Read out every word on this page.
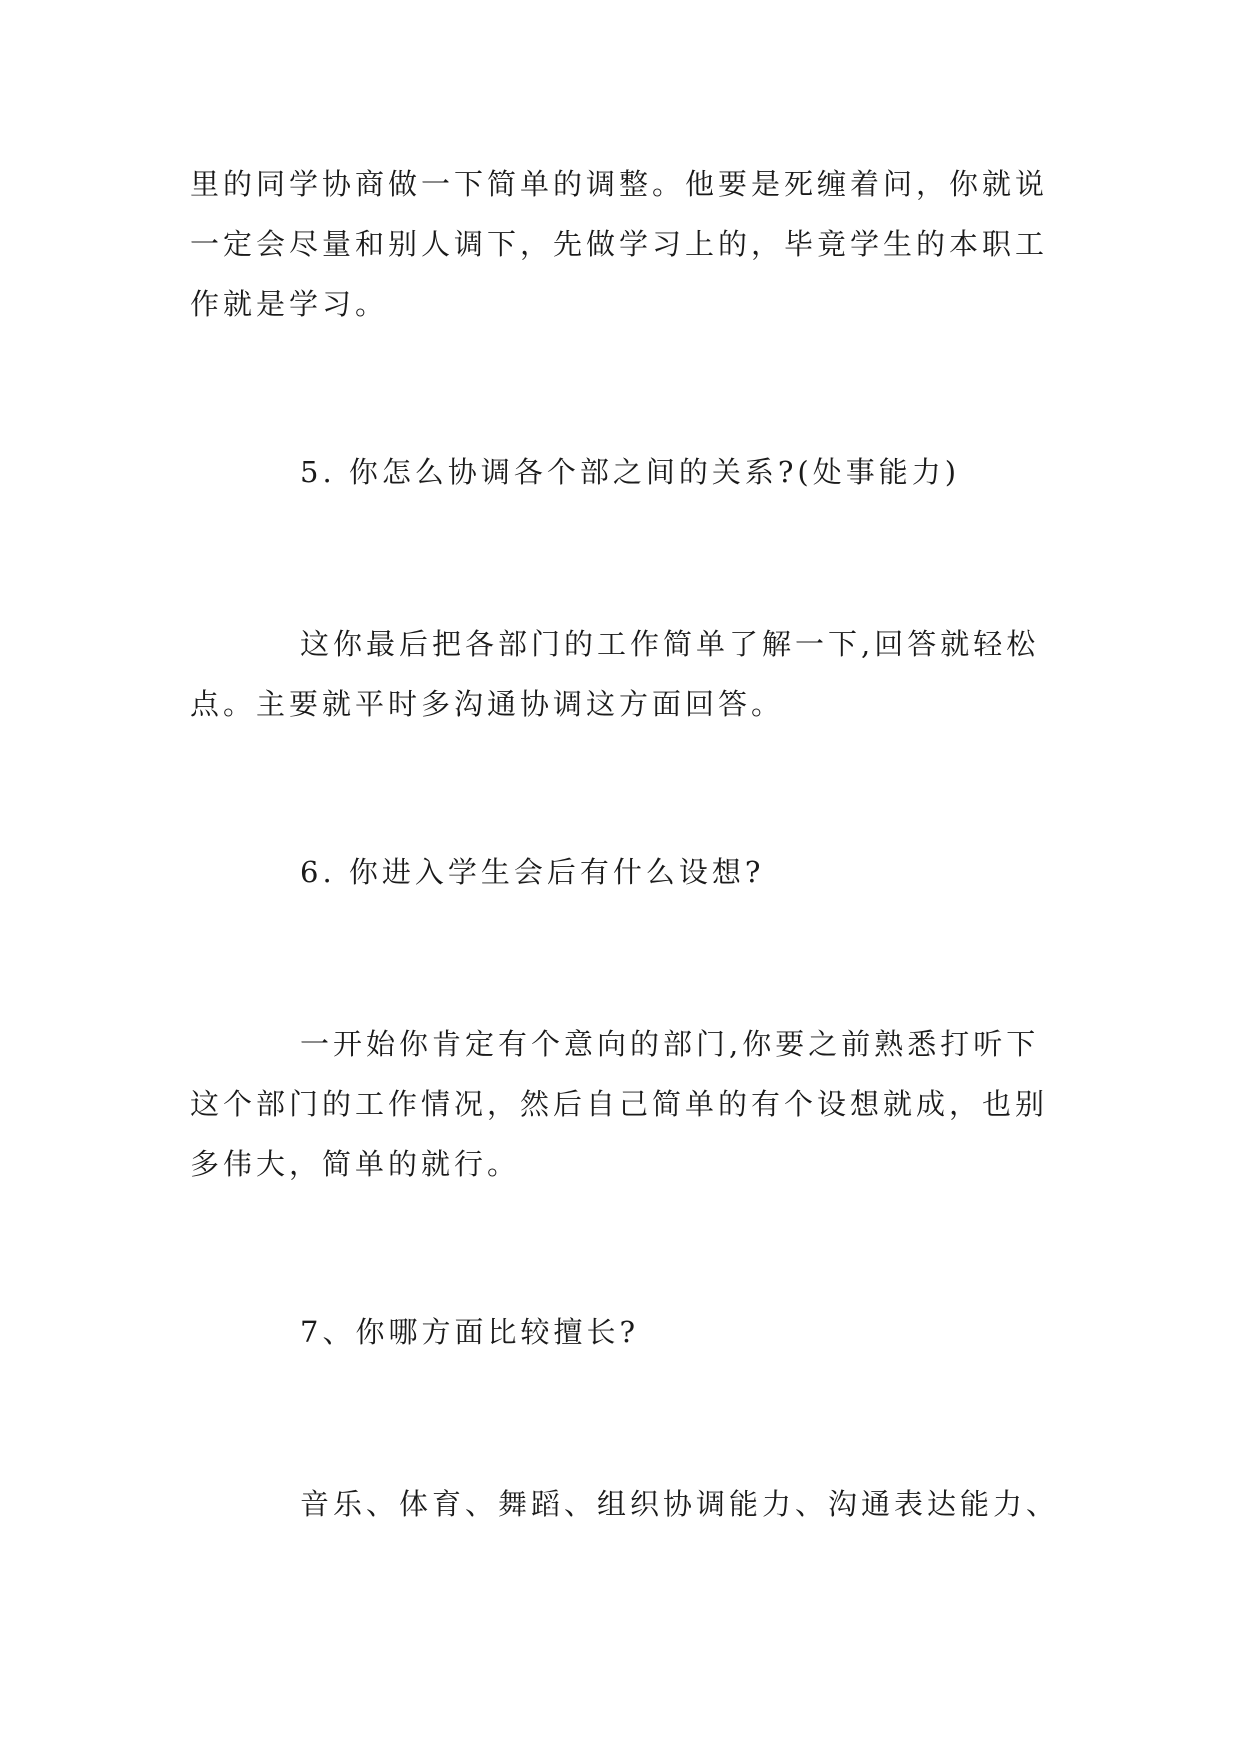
里的同学协商做一下简单的调整。他要是死缠着问，你就说
一定会尽量和别人调下，先做学习上的，毕竟学生的本职工
作就是学习。
5. 你怎么协调各个部之间的关系?(处事能力)
这你最后把各部门的工作简单了解一下,回答就轻松
点。主要就平时多沟通协调这方面回答。
6. 你进入学生会后有什么设想?
一开始你肯定有个意向的部门,你要之前熟悉打听下
这个部门的工作情况，然后自己简单的有个设想就成，也别
多伟大，简单的就行。
7、你哪方面比较擅长?
音乐、体育、舞蹈、组织协调能力、沟通表达能力、
